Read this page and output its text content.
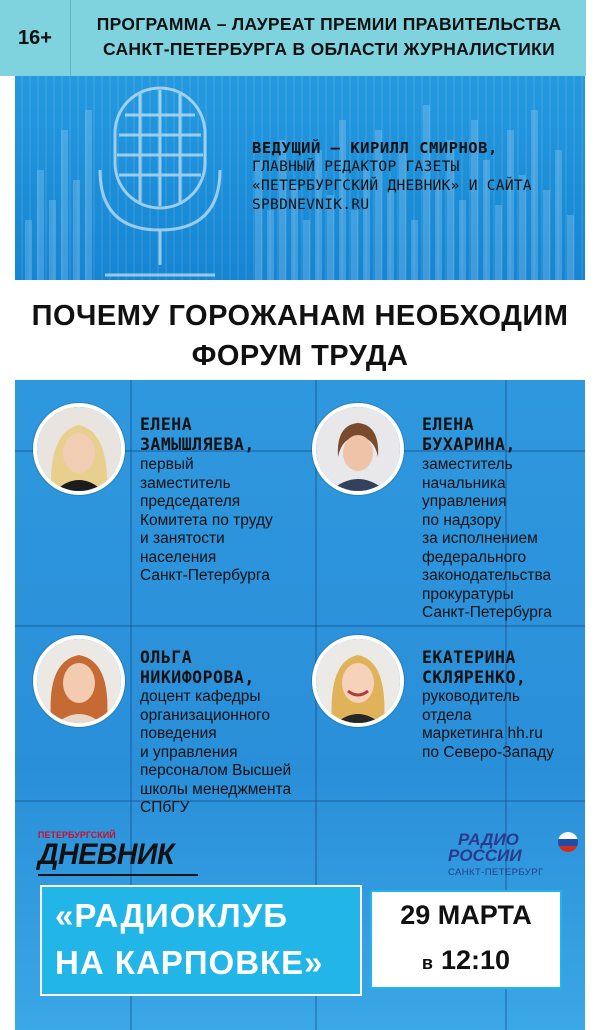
16+
ПРОГРАММА – ЛАУРЕАТ ПРЕМИИ ПРАВИТЕЛЬСТВА
САНКТ-ПЕТЕРБУРГА В ОБЛАСТИ ЖУРНАЛИСТИКИ
ВЕДУЩИЙ – КИРИЛЛ СМИРНОВ,
ГЛАВНЫЙ РЕДАКТОР ГАЗЕТЫ
«ПЕТЕРБУРГСКИЙ ДНЕВНИК» И САЙТА
SPBDNEVNIK.RU
ПОЧЕМУ ГОРОЖАНАМ НЕОБХОДИМ
ФОРУМ ТРУДА
ЕЛЕНА
ЗАМЫШЛЯЕВА,
первый
заместитель
председателя
Комитета по труду
и занятости
населения
Санкт-Петербурга
ЕЛЕНА
БУХАРИНА,
заместитель
начальника
управления
по надзору
за исполнением
федерального
законодательства
прокуратуры
Санкт-Петербурга
ОЛЬГА
НИКИФОРОВА,
доцент кафедры
организационного
поведения
и управления
персоналом Высшей
школы менеджмента
СПбГУ
ЕКАТЕРИНА
СКЛЯРЕНКО,
руководитель
отдела
маркетинга hh.ru
по Северо-Западу
ПЕТЕРБУРГСКИЙ
ДНЕВНИК	РАДИО
РОССИИ
САНКТ-ПЕТЕРБУРГ
«РАДИОКЛУБ
НА КАРПОВКЕ»
29 МАРТА
в 12:10
